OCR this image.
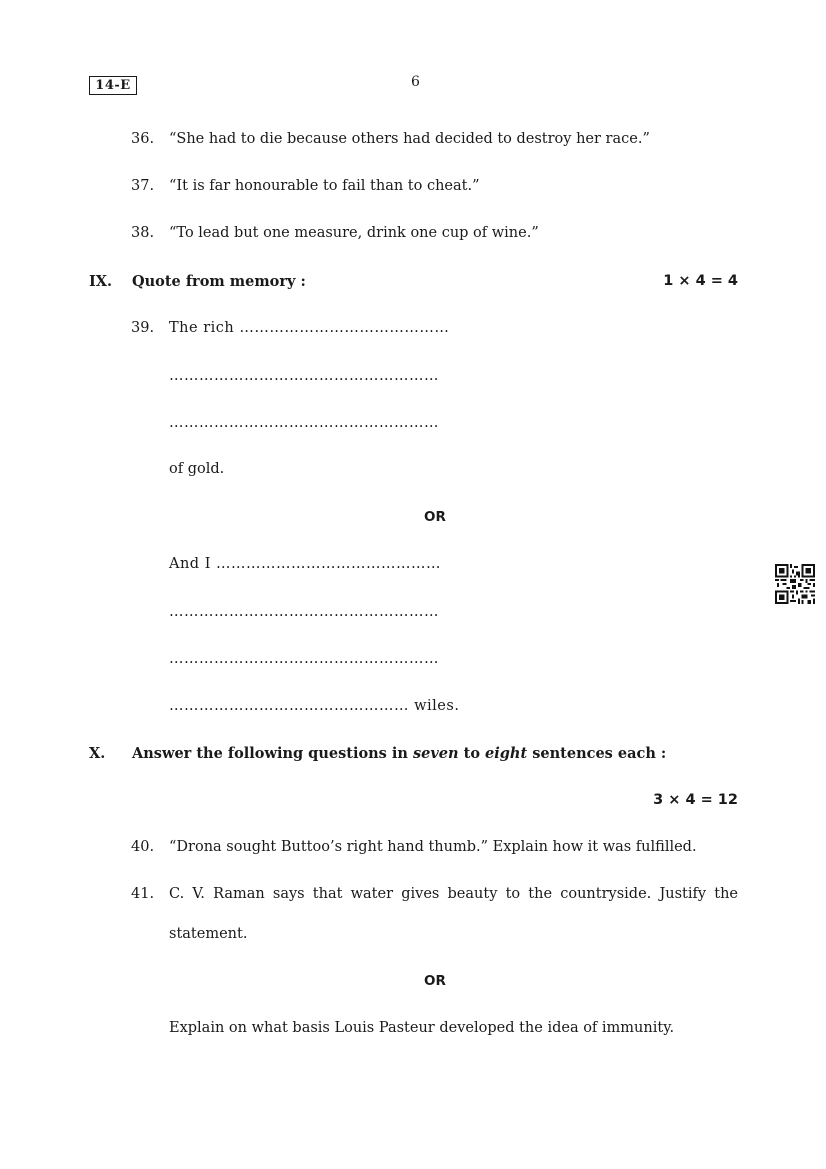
14-E	6
36. “She had to die because others had decided to destroy her race.”
37. “It is far honourable to fail than to cheat.”
38. “To lead but one measure, drink one cup of wine.”
IX. Quote from memory :	1 × 4 = 4
39. The rich ……………………………………
………………………………………………
………………………………………………
of gold.
OR
And I ………………………………………
………………………………………………
………………………………………………
………………………………………… wiles.
X. Answer the following questions in seven to eight sentences each :
3 × 4 = 12
40. “Drona sought Buttoo’s right hand thumb.” Explain how it was fulfilled.
41. C. V. Raman says that water gives beauty to the countryside. Justify the
statement.
OR
Explain on what basis Louis Pasteur developed the idea of immunity.
